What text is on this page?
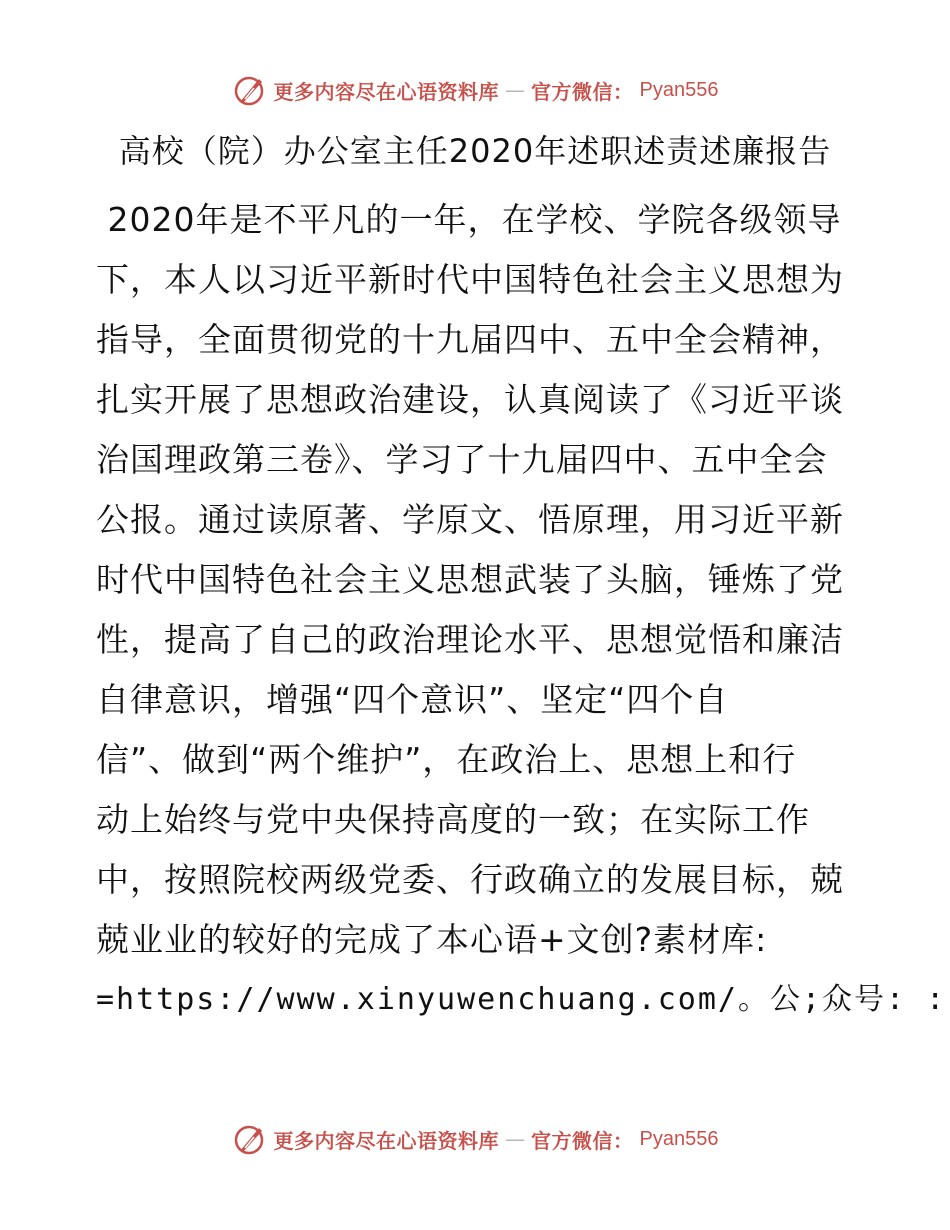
更多内容尽在心语资料库 — 官方微信： Pyan556
高校（院）办公室主任2020年述职述责述廉报告
2020年是不平凡的一年，在学校、学院各级领导
下，本人以习近平新时代中国特色社会主义思想为
指导，全面贯彻党的十九届四中、五中全会精神，
扎实开展了思想政治建设，认真阅读了《习近平谈
治国理政第三卷》、学习了十九届四中、五中全会
公报。通过读原著、学原文、悟原理，用习近平新
时代中国特色社会主义思想武装了头脑，锤炼了党
性，提高了自己的政治理论水平、思想觉悟和廉洁
自律意识，增强“四个意识”、坚定“四个自
信”、做到“两个维护”，在政治上、思想上和行
动上始终与党中央保持高度的一致；在实际工作
中，按照院校两级党委、行政确立的发展目标，兢
兢业业的较好的完成了本心语+文创?素材库:
=https://www.xinyuwenchuang.com/。公;众号: :
更多内容尽在心语资料库 — 官方微信： Pyan556
